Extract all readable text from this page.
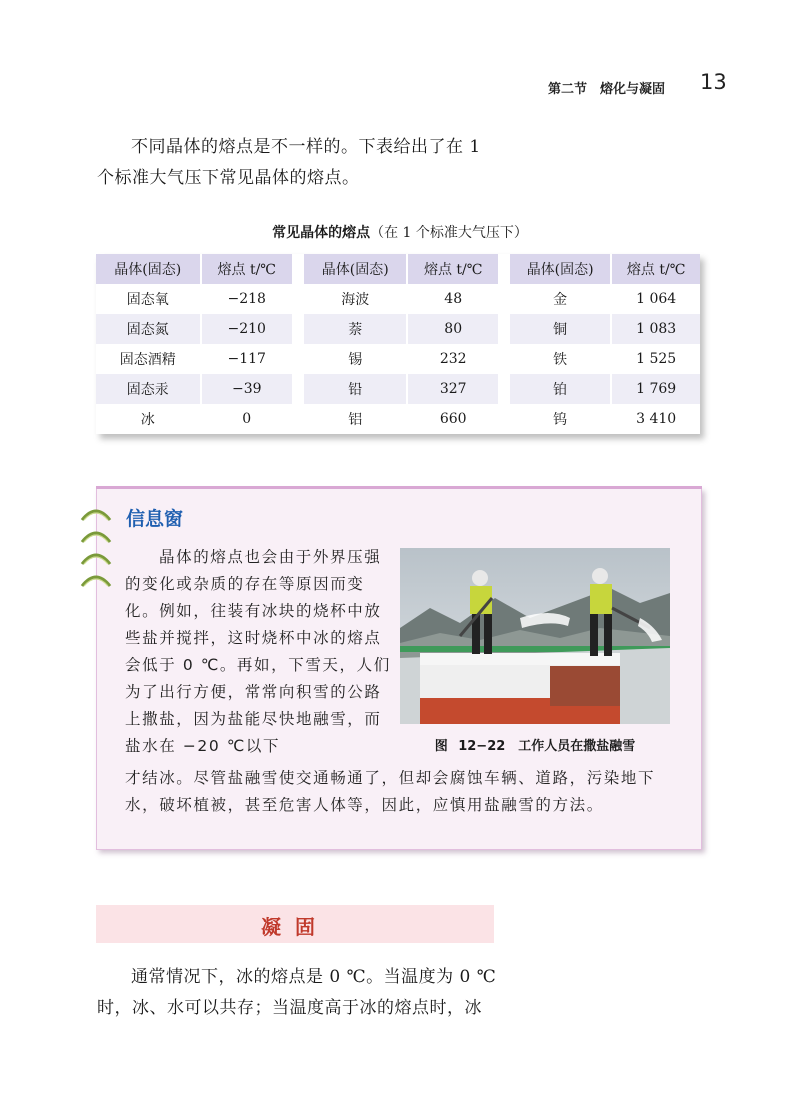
第二节　熔化与凝固 13

不同晶体的熔点是不一样的。下表给出了在 1 个标准大气压下常见晶体的熔点。

常见晶体的熔点（在 1 个标准大气压下）
晶体(固态)	熔点 t/℃
固态氧	−218
固态氮	−210
固态酒精	−117
固态汞	−39
冰	0
晶体(固态)	熔点 t/℃
海波	48
萘	80
锡	232
铅	327
铝	660
晶体(固态)	熔点 t/℃
金	1 064
铜	1 083
铁	1 525
铂	1 769
钨	3 410
信息窗

晶体的熔点也会由于外界压强的变化或杂质的存在等原因而变化。例如，往装有冰块的烧杯中放些盐并搅拌，这时烧杯中冰的熔点会低于 0 ℃。再如，下雪天，人们为了出行方便，常常向积雪的公路上撒盐，因为盐能尽快地融雪，而盐水在 −20 ℃以下	图 12−22　工作人员在撒盐融雪

才结冰。尽管盐融雪使交通畅通了，但却会腐蚀车辆、道路，污染地下水，破坏植被，甚至危害人体等，因此，应慎用盐融雪的方法。

凝固

通常情况下，冰的熔点是 0 ℃。当温度为 0 ℃时，冰、水可以共存；当温度高于冰的熔点时，冰
